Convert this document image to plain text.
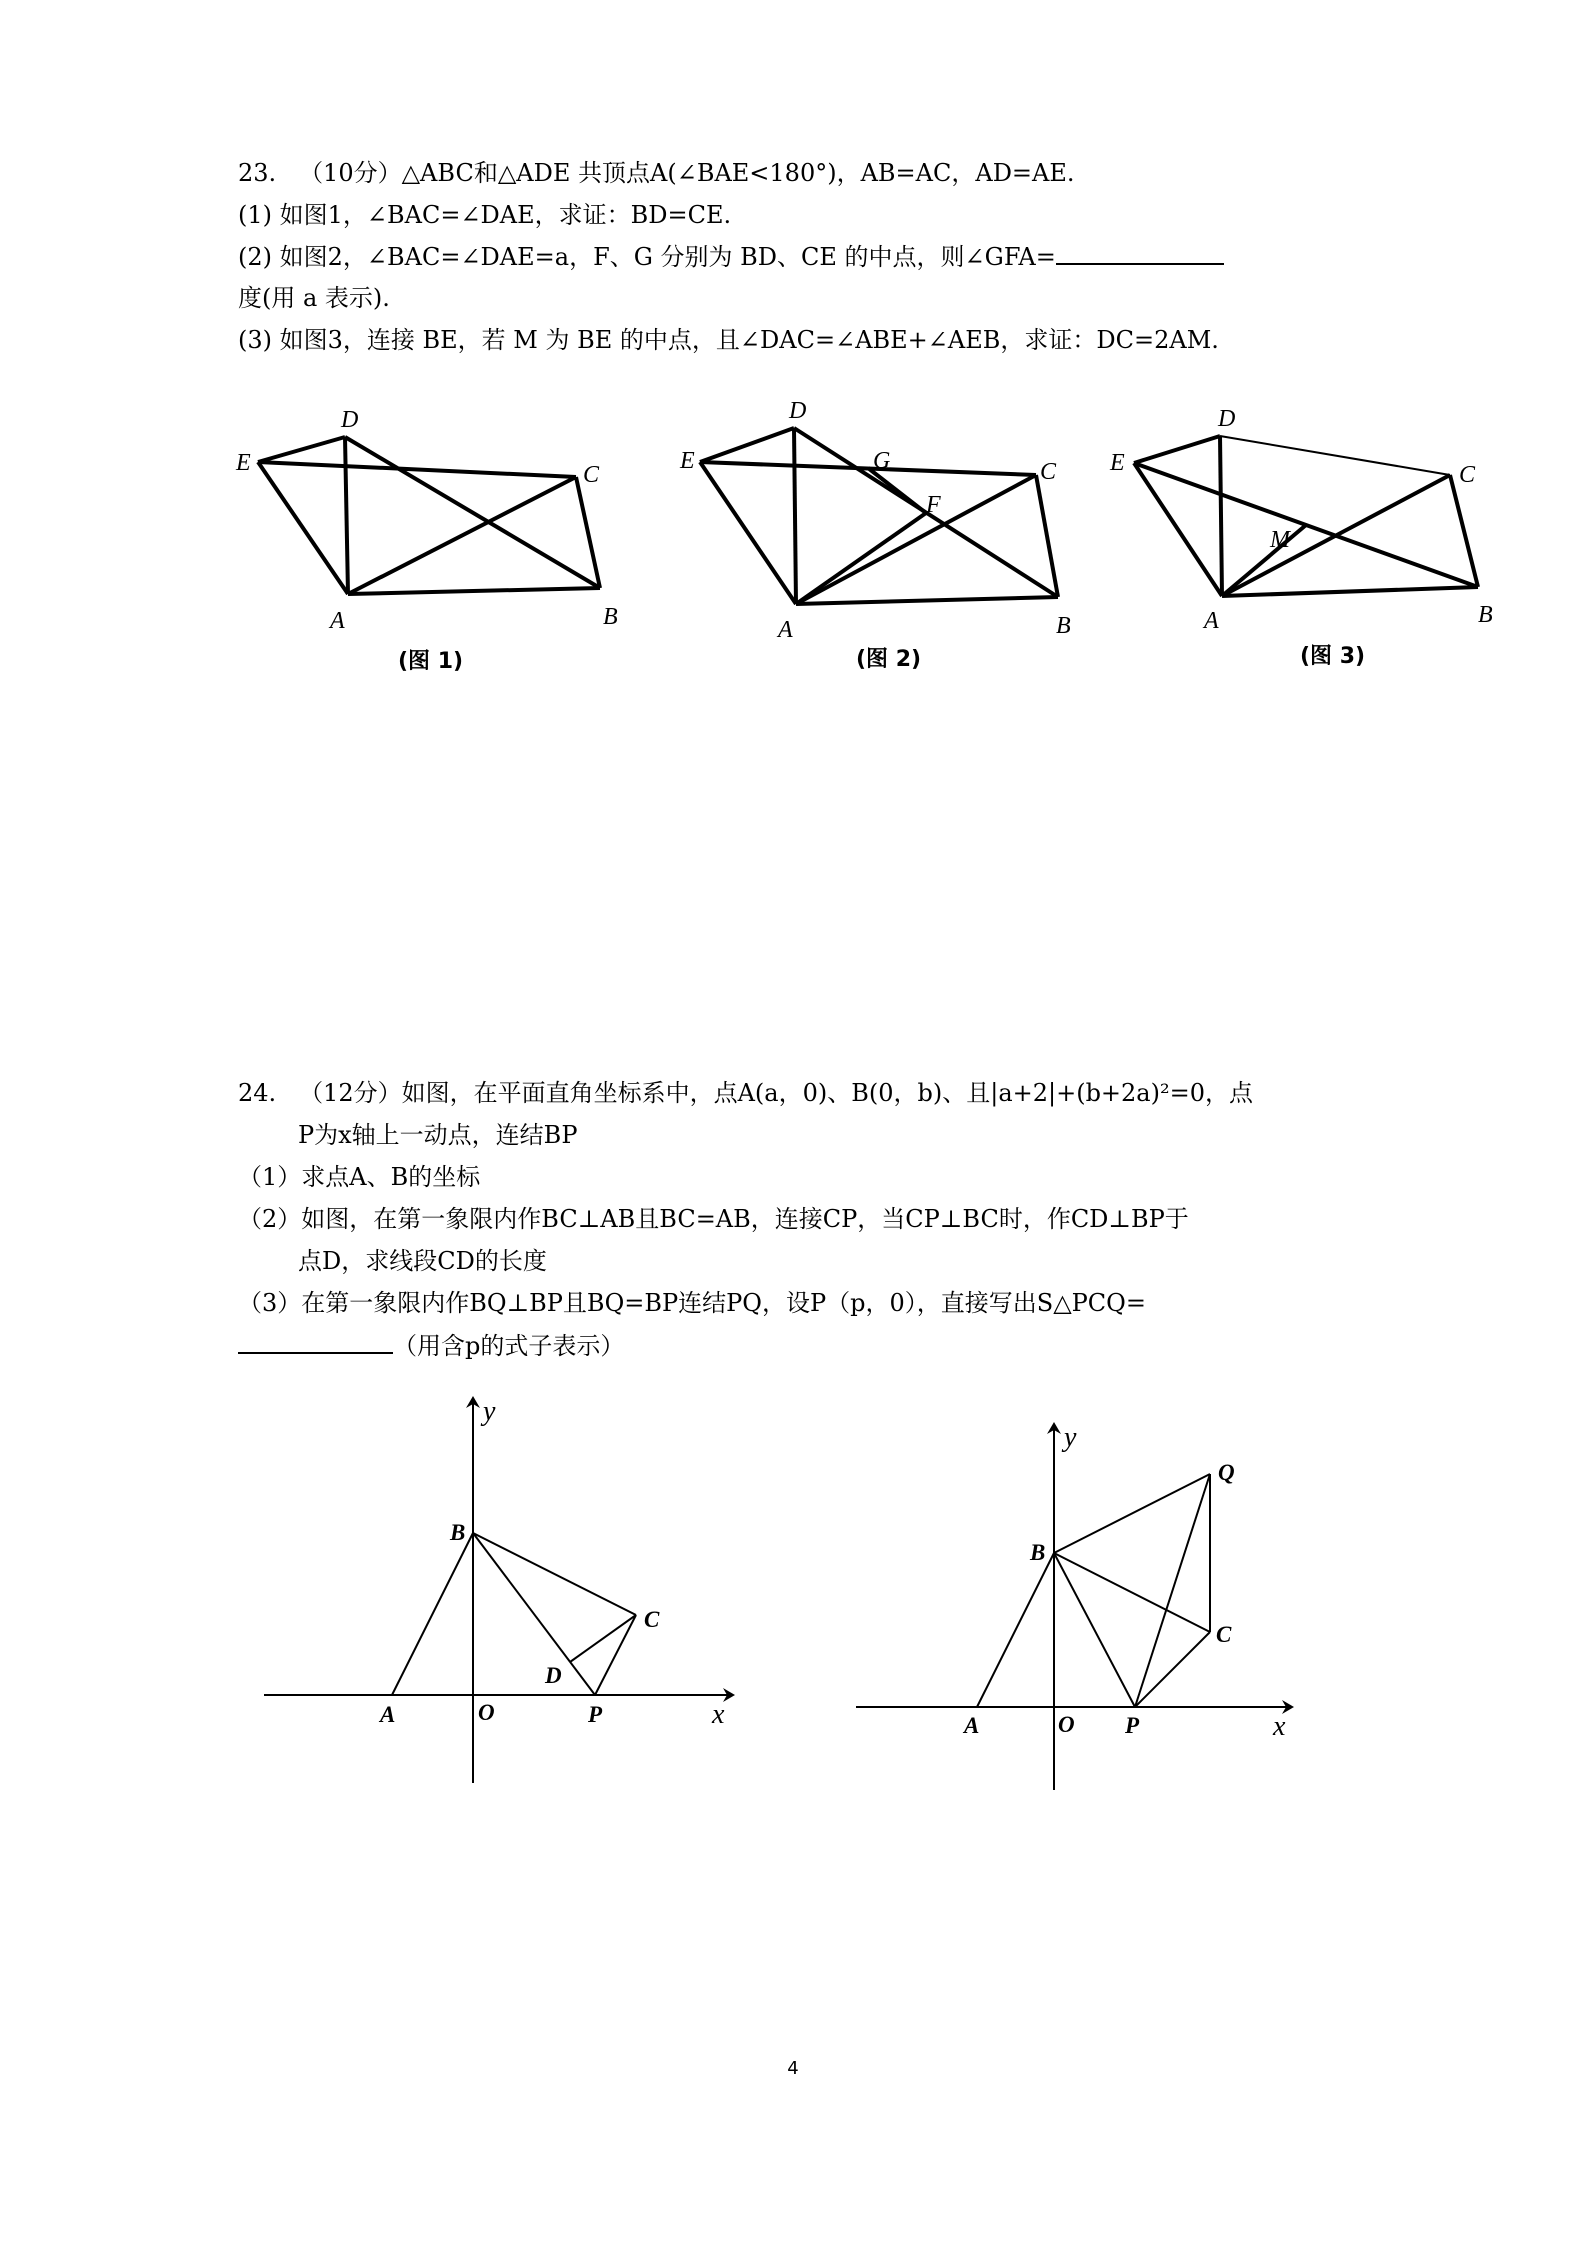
23. （10分）△ABC和△ADE 共顶点A(∠BAE<180°)，AB=AC，AD=AE.
(1) 如图1，∠BAC=∠DAE，求证：BD=CE.
(2) 如图2，∠BAC=∠DAE=a，F、G 分别为 BD、CE 的中点，则∠GFA=
度(用 a 表示).
(3) 如图3，连接 BE，若 M 为 BE 的中点，且∠DAC=∠ABE+∠AEB，求证：DC=2AM.
24. （12分）如图，在平面直角坐标系中，点A(a，0)、B(0，b)、且|a+2|+(b+2a)²=0，点
P为x轴上一动点，连结BP
（1）求点A、B的坐标
（2）如图，在第一象限内作BC⊥AB且BC=AB，连接CP，当CP⊥BC时，作CD⊥BP于
点D，求线段CD的长度
（3）在第一象限内作BQ⊥BP且BQ=BP连结PQ，设P（p，0），直接写出S△PCQ=
（用含p的式子表示）
D
E	C
A	B
(图 1)
D
E	G
F
C
A	B
(图 2)
D
E
M
C
A	B
(图 3)
y
x
B
C
D
A	O	P
y
x
Q
B
C
A	O P
4
